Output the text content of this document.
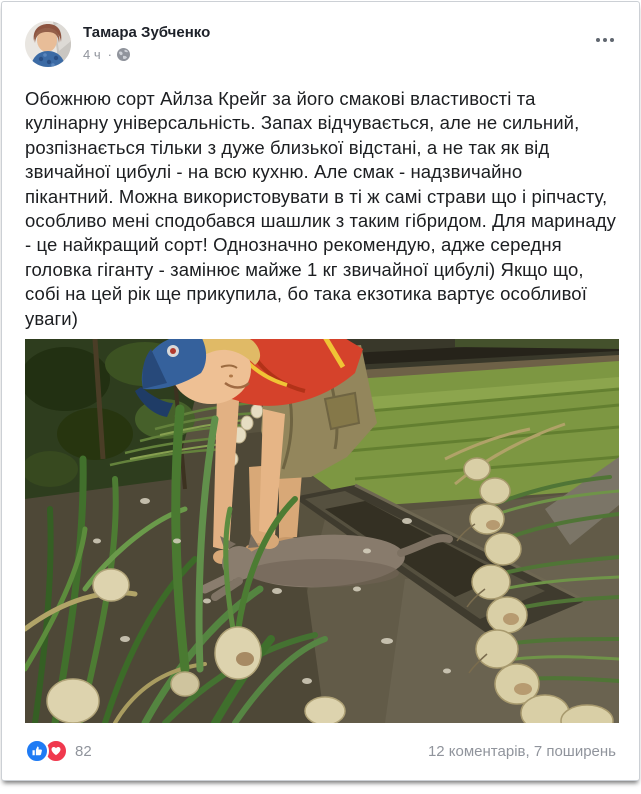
Тамара Зубченко
4 ч ·
Обожнюю сорт Айлза Крейг за його смакові властивості та кулінарну універсальність. Запах відчувається, але не сильний, розпізнається тільки з дуже близької відстані, а не так як від звичайної цибулі - на всю кухню. Але смак - надзвичайно пікантний. Можна використовувати в ті ж самі страви що і ріпчасту, особливо мені сподобався шашлик з таким гібридом. Для маринаду - це найкращий сорт! Однозначно рекомендую, адже середня головка гіганту - замінює майже 1 кг звичайної цибулі) Якщо що, собі на цей рік ще прикупила, бо така екзотика вартує особливої уваги)
82	12 коментарів, 7 поширень
